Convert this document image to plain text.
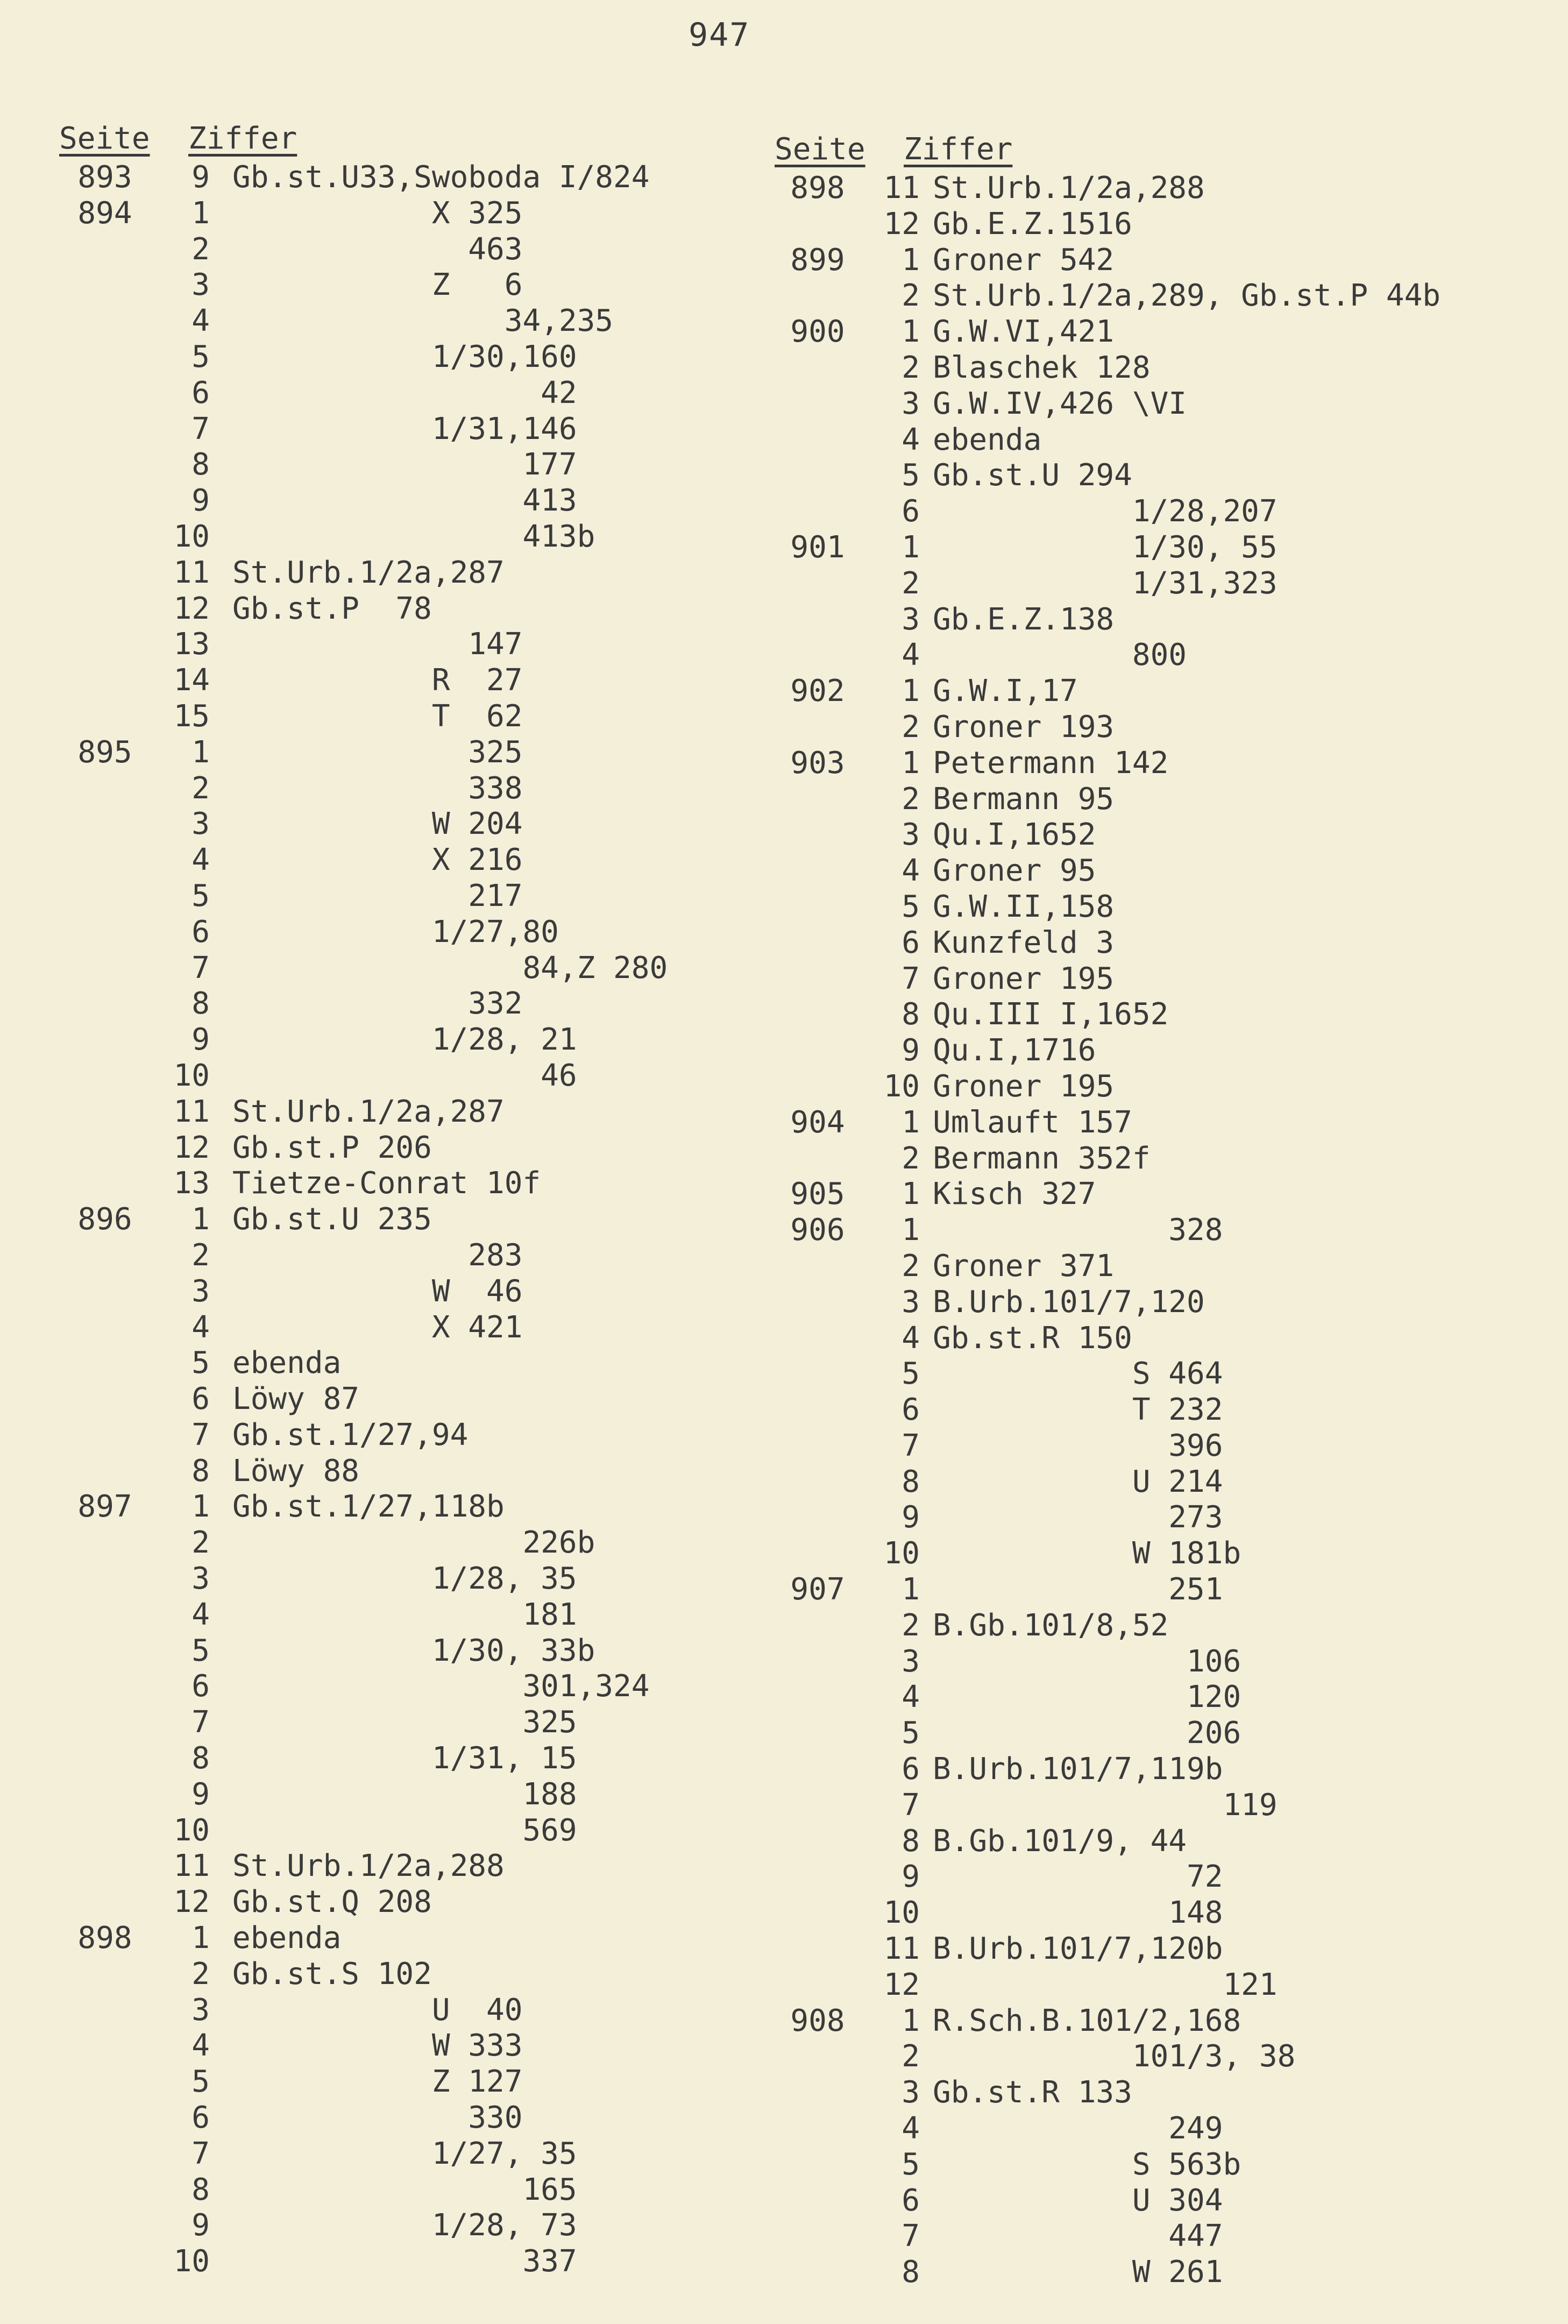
947
Seite	Ziffer
893	9 Gb.st.U33,Swoboda I/824
894	1 X 325
2 463
3 Z   6
4 34,235
5 1/30,160
6 42
7 1/31,146
8 177
9 413
10 413b
11 St.Urb.1/2a,287
12 Gb.st.P  78
13 147
14 R  27
15 T  62
895	1 325
2 338
3 W 204
4 X 216
5 217
6 1/27,80
7 84,Z 280
8 332
9 1/28, 21
10 46
11 St.Urb.1/2a,287
12 Gb.st.P 206
13 Tietze-Conrat 10f
896	1 Gb.st.U 235
2 283
3 W  46
4 X 421
5 ebenda
6 Löwy 87
7 Gb.st.1/27,94
8 Löwy 88
897	1 Gb.st.1/27,118b
2 226b
3 1/28, 35
4 181
5 1/30, 33b
6 301,324
7 325
8 1/31, 15
9 188
10 569
11 St.Urb.1/2a,288
12 Gb.st.Q 208
898	1 ebenda
2 Gb.st.S 102
3 U  40
4 W 333
5 Z 127
6 330
7 1/27, 35
8 165
9 1/28, 73
10 337
Seite	Ziffer
898	11 St.Urb.1/2a,288
12 Gb.E.Z.1516
899	1 Groner 542
2 St.Urb.1/2a,289, Gb.st.P 44b
900	1 G.W.VI,421
2 Blaschek 128
3 G.W.IV,426 \VI
4 ebenda
5 Gb.st.U 294
6 1/28,207
901	1 1/30, 55
2 1/31,323
3 Gb.E.Z.138
4 800
902	1 G.W.I,17
2 Groner 193
903	1 Petermann 142
2 Bermann 95
3 Qu.I,1652
4 Groner 95
5 G.W.II,158
6 Kunzfeld 3
7 Groner 195
8 Qu.III I,1652
9 Qu.I,1716
10 Groner 195
904	1 Umlauft 157
2 Bermann 352f
905	1 Kisch 327
906	1 328
2 Groner 371
3 B.Urb.101/7,120
4 Gb.st.R 150
5 S 464
6 T 232
7 396
8 U 214
9 273
10 W 181b
907	1 251
2 B.Gb.101/8,52
3 106
4 120
5 206
6 B.Urb.101/7,119b
7 119
8 B.Gb.101/9, 44
9 72
10 148
11 B.Urb.101/7,120b
12 121
908	1 R.Sch.B.101/2,168
2 101/3, 38
3 Gb.st.R 133
4 249
5 S 563b
6 U 304
7 447
8 W 261
